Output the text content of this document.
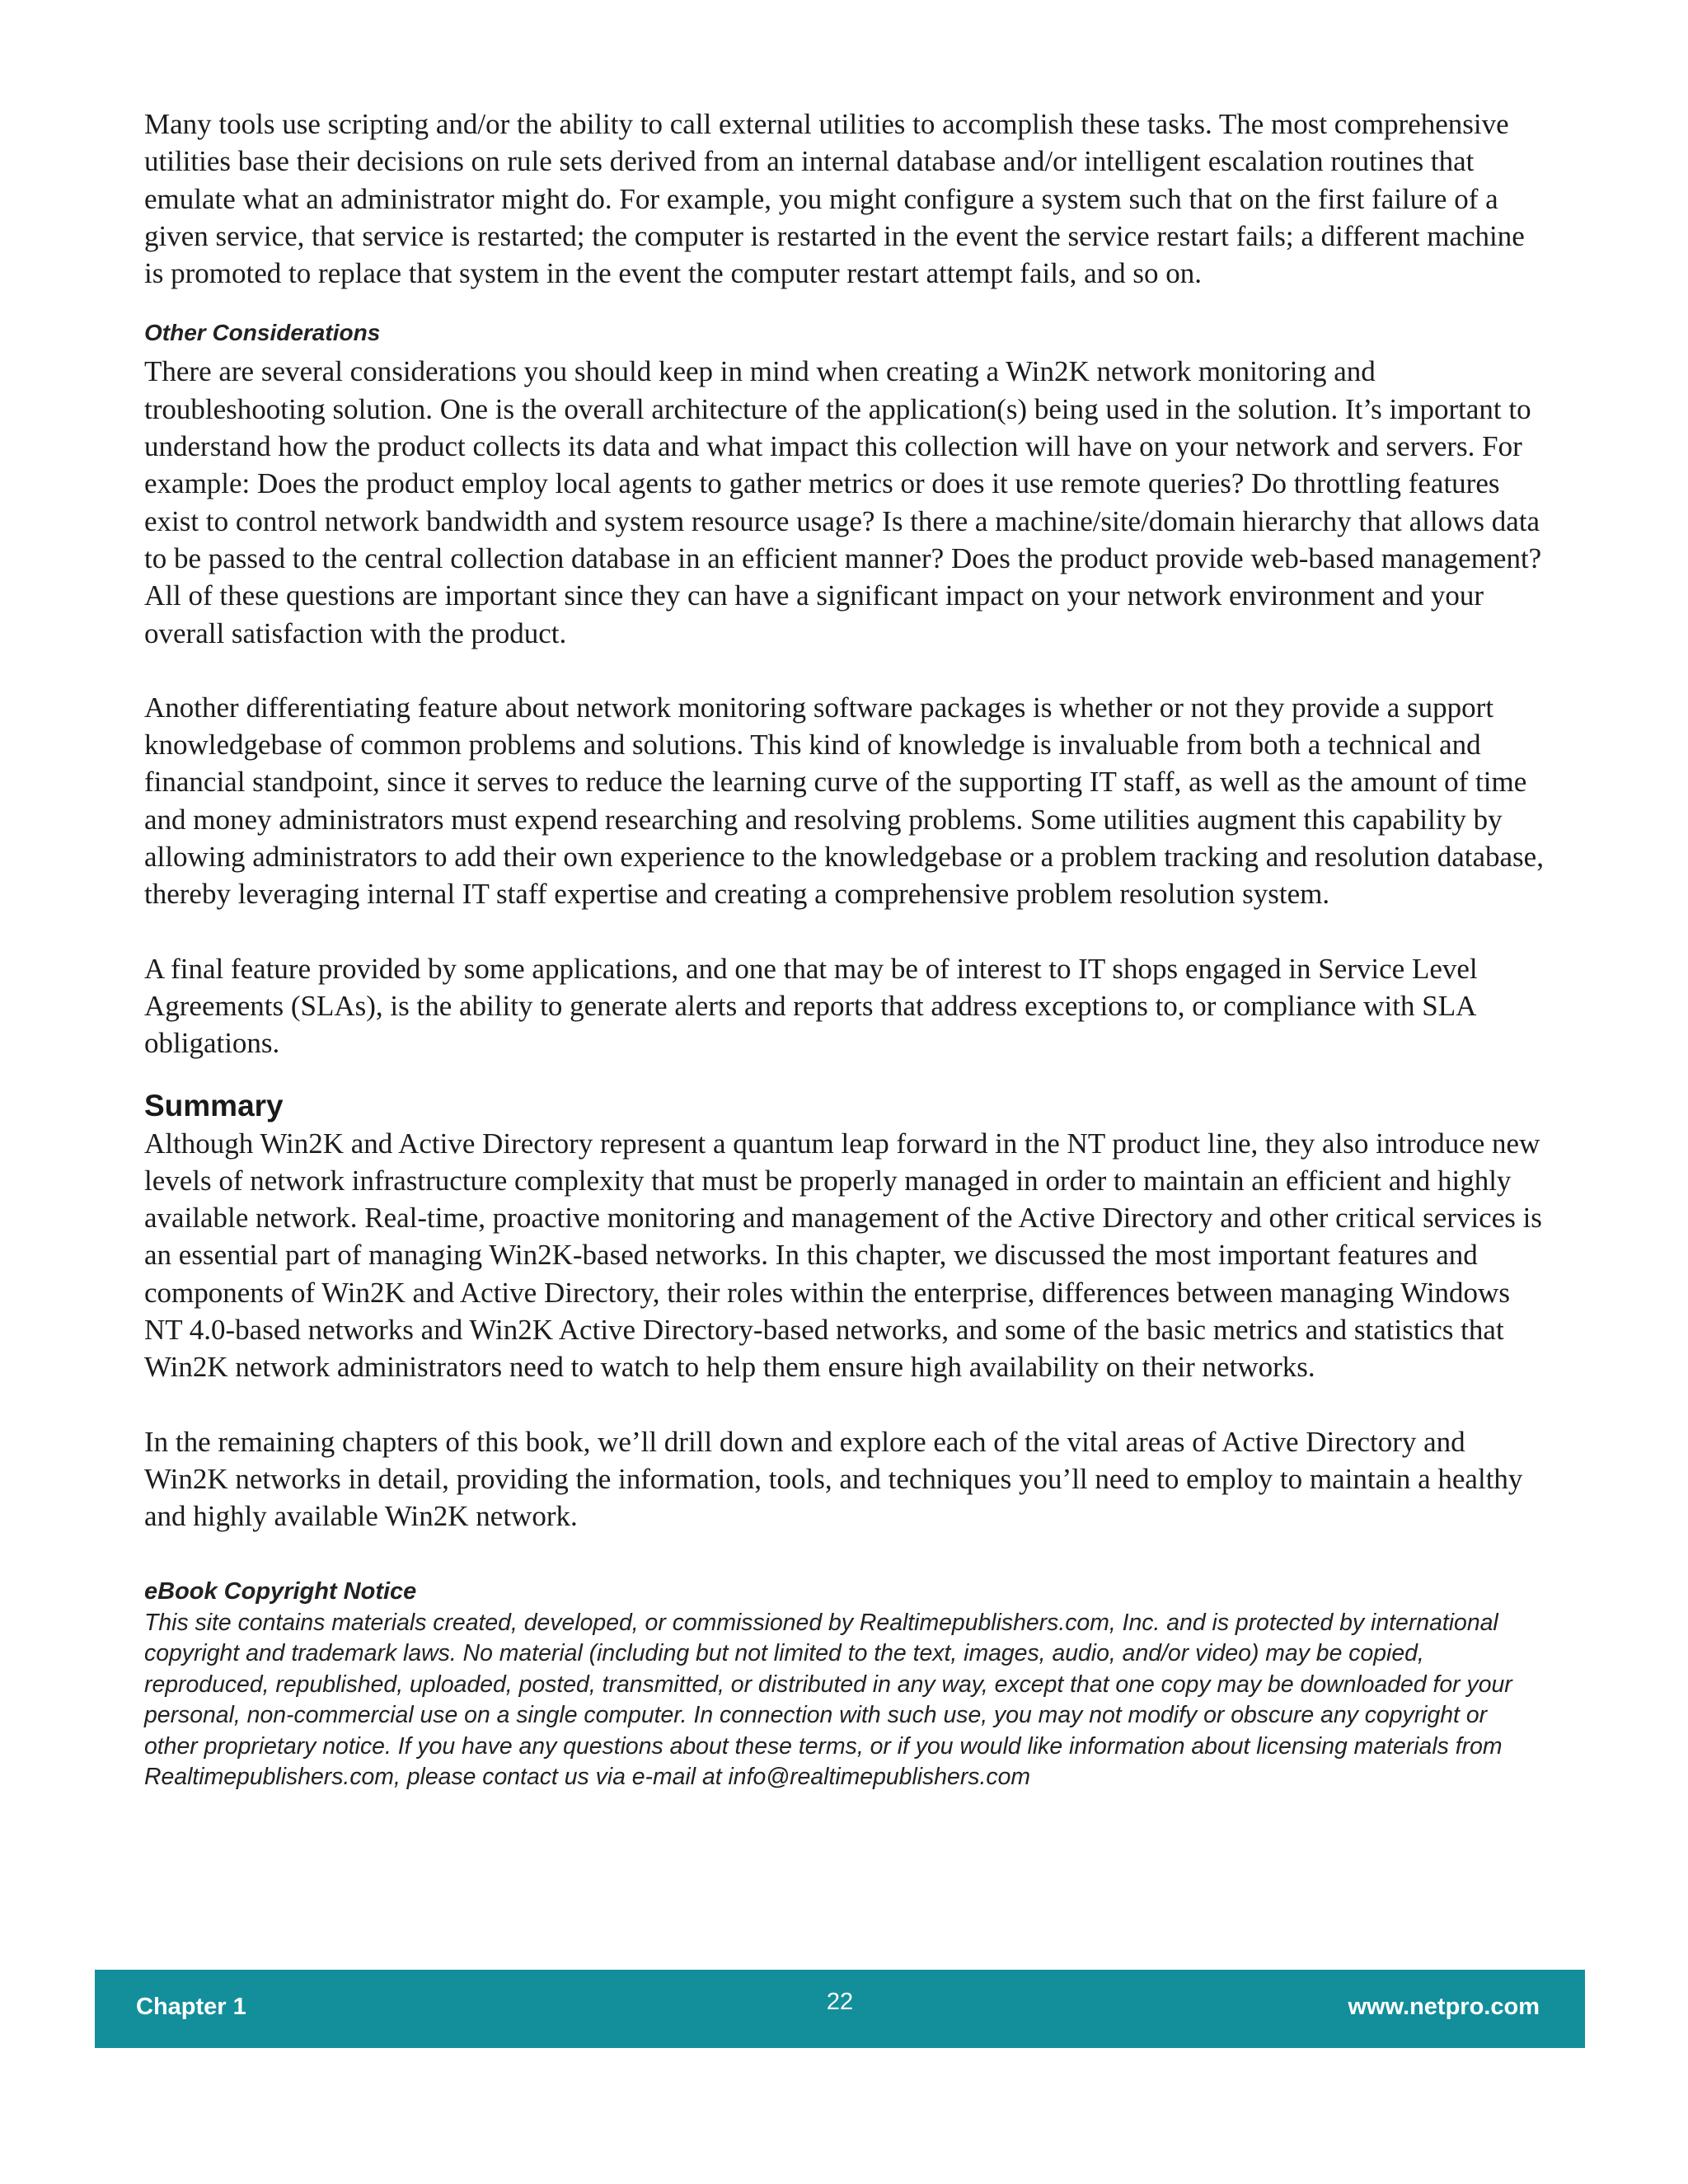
Many tools use scripting and/or the ability to call external utilities to accomplish these tasks. The most comprehensive utilities base their decisions on rule sets derived from an internal database and/or intelligent escalation routines that emulate what an administrator might do. For example, you might configure a system such that on the first failure of a given service, that service is restarted; the computer is restarted in the event the service restart fails; a different machine is promoted to replace that system in the event the computer restart attempt fails, and so on.

Other Considerations

There are several considerations you should keep in mind when creating a Win2K network monitoring and troubleshooting solution. One is the overall architecture of the application(s) being used in the solution. It’s important to understand how the product collects its data and what impact this collection will have on your network and servers. For example: Does the product employ local agents to gather metrics or does it use remote queries? Do throttling features exist to control network bandwidth and system resource usage? Is there a machine/site/domain hierarchy that allows data to be passed to the central collection database in an efficient manner? Does the product provide web-based management? All of these questions are important since they can have a significant impact on your network environment and your overall satisfaction with the product.

Another differentiating feature about network monitoring software packages is whether or not they provide a support knowledgebase of common problems and solutions. This kind of knowledge is invaluable from both a technical and financial standpoint, since it serves to reduce the learning curve of the supporting IT staff, as well as the amount of time and money administrators must expend researching and resolving problems. Some utilities augment this capability by allowing administrators to add their own experience to the knowledgebase or a problem tracking and resolution database, thereby leveraging internal IT staff expertise and creating a comprehensive problem resolution system.

A final feature provided by some applications, and one that may be of interest to IT shops engaged in Service Level Agreements (SLAs), is the ability to generate alerts and reports that address exceptions to, or compliance with SLA obligations.

Summary

Although Win2K and Active Directory represent a quantum leap forward in the NT product line, they also introduce new levels of network infrastructure complexity that must be properly managed in order to maintain an efficient and highly available network. Real-time, proactive monitoring and management of the Active Directory and other critical services is an essential part of managing Win2K-based networks. In this chapter, we discussed the most important features and components of Win2K and Active Directory, their roles within the enterprise, differences between managing Windows NT 4.0-based networks and Win2K Active Directory-based networks, and some of the basic metrics and statistics that Win2K network administrators need to watch to help them ensure high availability on their networks.

In the remaining chapters of this book, we’ll drill down and explore each of the vital areas of Active Directory and Win2K networks in detail, providing the information, tools, and techniques you’ll need to employ to maintain a healthy and highly available Win2K network.

eBook Copyright Notice

This site contains materials created, developed, or commissioned by Realtimepublishers.com, Inc. and is protected by international copyright and trademark laws. No material (including but not limited to the text, images, audio, and/or video) may be copied, reproduced, republished, uploaded, posted, transmitted, or distributed in any way, except that one copy may be downloaded for your personal, non-commercial use on a single computer. In connection with such use, you may not modify or obscure any copyright or other proprietary notice. If you have any questions about these terms, or if you would like information about licensing materials from Realtimepublishers.com, please contact us via e-mail at info@realtimepublishers.com

Chapter 1	22	www.netpro.com
